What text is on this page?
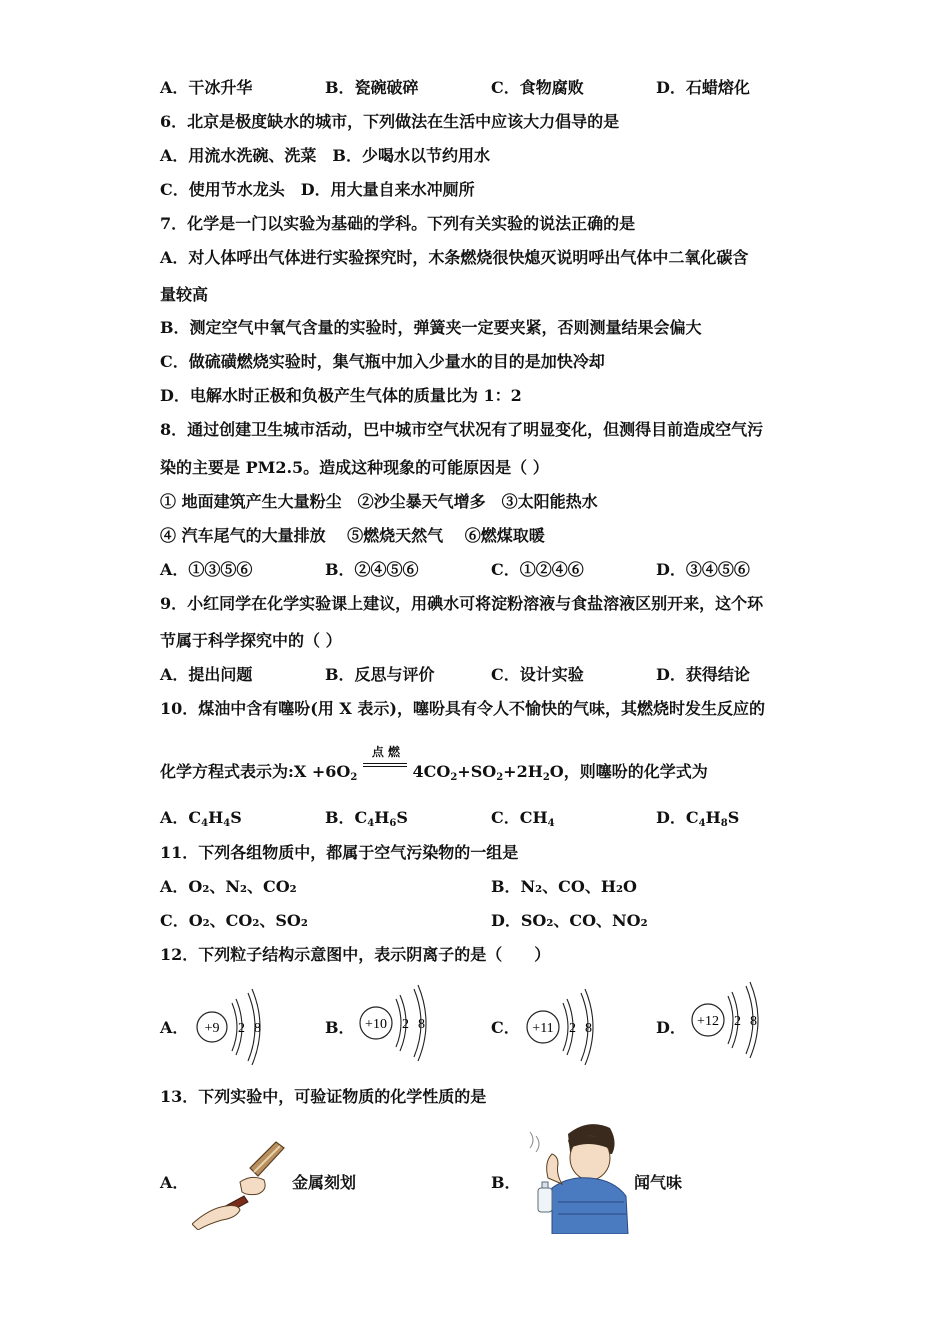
A．干冰升华	B．瓷碗破碎	C．食物腐败	D．石蜡熔化
6．北京是极度缺水的城市，下列做法在生活中应该大力倡导的是
A．用流水洗碗、洗菜　B．少喝水以节约用水
C．使用节水龙头　D．用大量自来水冲厕所
7．化学是一门以实验为基础的学科。下列有关实验的说法正确的是
A．对人体呼出气体进行实验探究时，木条燃烧很快熄灭说明呼出气体中二氧化碳含
量较高
B．测定空气中氧气含量的实验时，弹簧夹一定要夹紧，否则测量结果会偏大
C．做硫磺燃烧实验时，集气瓶中加入少量水的目的是加快冷却
D．电解水时正极和负极产生气体的质量比为 1：2
8．通过创建卫生城市活动，巴中城市空气状况有了明显变化，但测得目前造成空气污
染的主要是 PM2.5。造成这种现象的可能原因是（ ）
① 地面建筑产生大量粉尘　②沙尘暴天气增多　③太阳能热水
④ 汽车尾气的大量排放　 ⑤燃烧天然气　 ⑥燃煤取暖
A．①③⑤⑥	B．②④⑤⑥	C．①②④⑥	D．③④⑤⑥
9．小红同学在化学实验课上建议，用碘水可将淀粉溶液与食盐溶液区别开来，这个环
节属于科学探究中的（ ）
A．提出问题	B．反思与评价	C．设计实验	D．获得结论
10．煤油中含有噻吩(用 X 表示)，噻吩具有令人不愉快的气味，其燃烧时发生反应的
化学方程式表示为:X $+6O_2$
点 燃
$4CO_2+SO_2+2H_2O$，则噻吩的化学式为
A．$C_4H_4S$	B．$C_4H_6S$	C．$CH_4$	D．$C_4H_8S$
11．下列各组物质中，都属于空气污染物的一组是
A．O₂、N₂、CO₂	B．N₂、CO、H₂O
C．O₂、CO₂、SO₂	D．SO₂、CO、NO₂
12．下列粒子结构示意图中，表示阴离子的是（　　）
A．	B．	C．	D．
+9 2 8	+10 2 8	+11 2 8	+12 2 8
13．下列实验中，可验证物质的化学性质的是
A．	金属刻划	B．	闻气味
